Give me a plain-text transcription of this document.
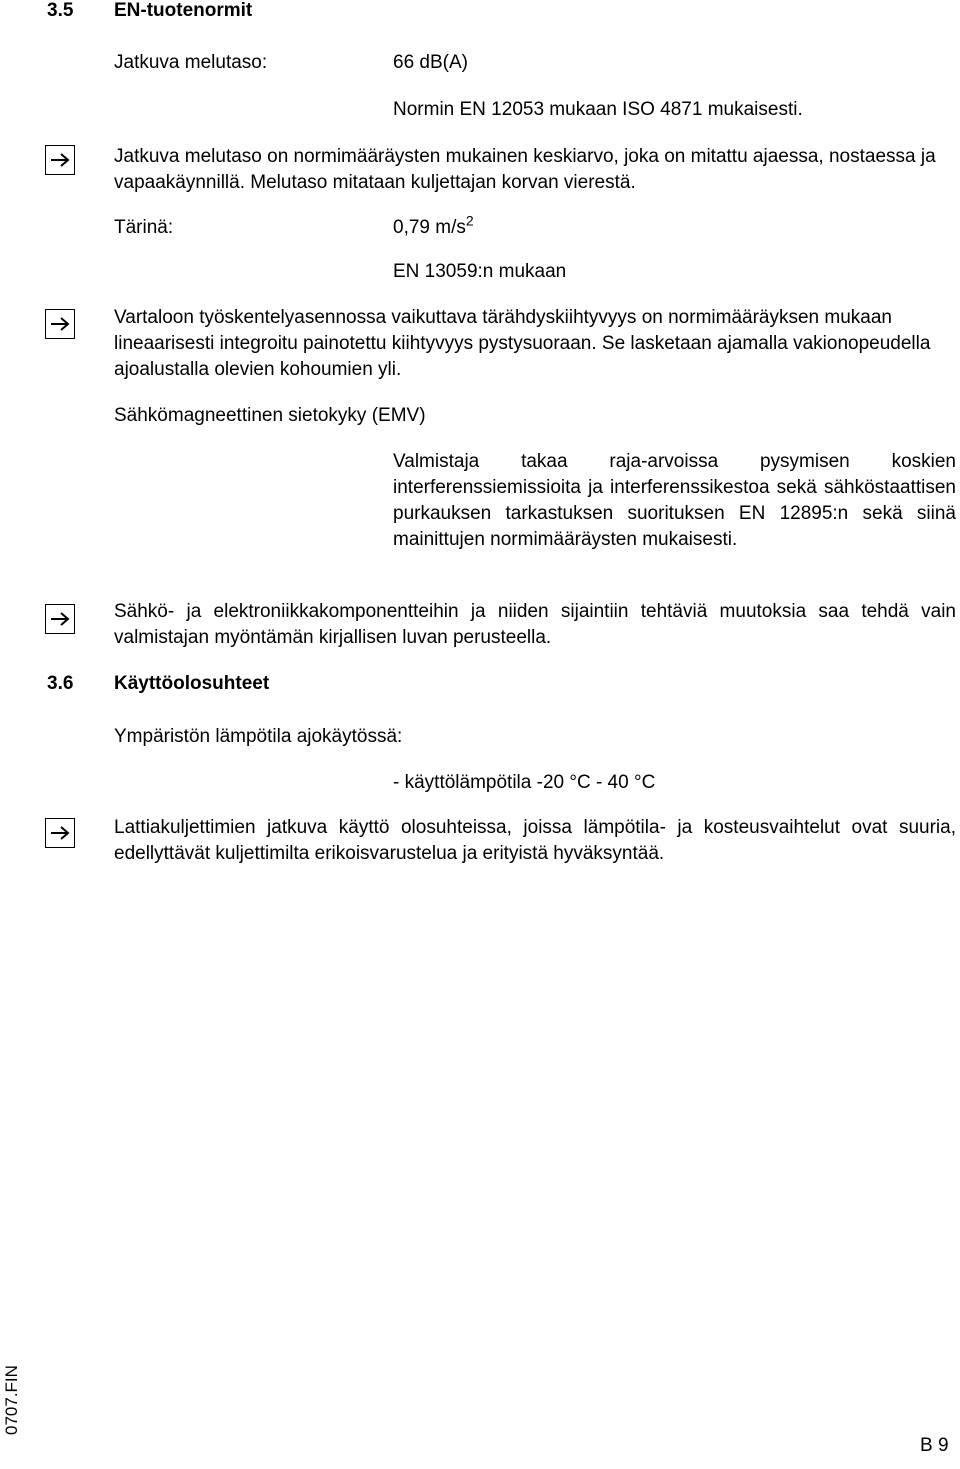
3.5 EN-tuotenormit
Jatkuva melutaso:	66 dB(A)
Normin EN 12053 mukaan ISO 4871 mukaisesti.
Jatkuva melutaso on normimääräysten mukainen keskiarvo, joka on mitattu ajaessa, nostaessa ja vapaakäynnillä. Melutaso mitataan kuljettajan korvan vierestä.
Tärinä:	0,79 $m/s^2$
EN 13059:n mukaan
Vartaloon työskentelyasennossa vaikuttava tärähdyskiihtyvyys on normimääräyksen mukaan lineaarisesti integroitu painotettu kiihtyvyys pystysuoraan. Se lasketaan ajamalla vakionopeudella ajoalustalla olevien kohoumien yli.
Sähkömagneettinen sietokyky (EMV)
Valmistaja takaa raja-arvoissa pysymisen koskien interferenssiemissioita ja interferenssikestoa sekä sähköstaattisen purkauksen tarkastuksen suorituksen EN 12895:n sekä siinä mainittujen normimääräysten mukaisesti.
Sähkö- ja elektroniikkakomponentteihin ja niiden sijaintiin tehtäviä muutoksia saa tehdä vain valmistajan myöntämän kirjallisen luvan perusteella.
3.6 Käyttöolosuhteet
Ympäristön lämpötila ajokäytössä:
- käyttölämpötila -20 °C - 40 °C
Lattiakuljettimien jatkuva käyttö olosuhteissa, joissa lämpötila- ja kosteusvaihtelut ovat suuria, edellyttävät kuljettimilta erikoisvarustelua ja erityistä hyväksyntää.
0707.FIN
B 9
